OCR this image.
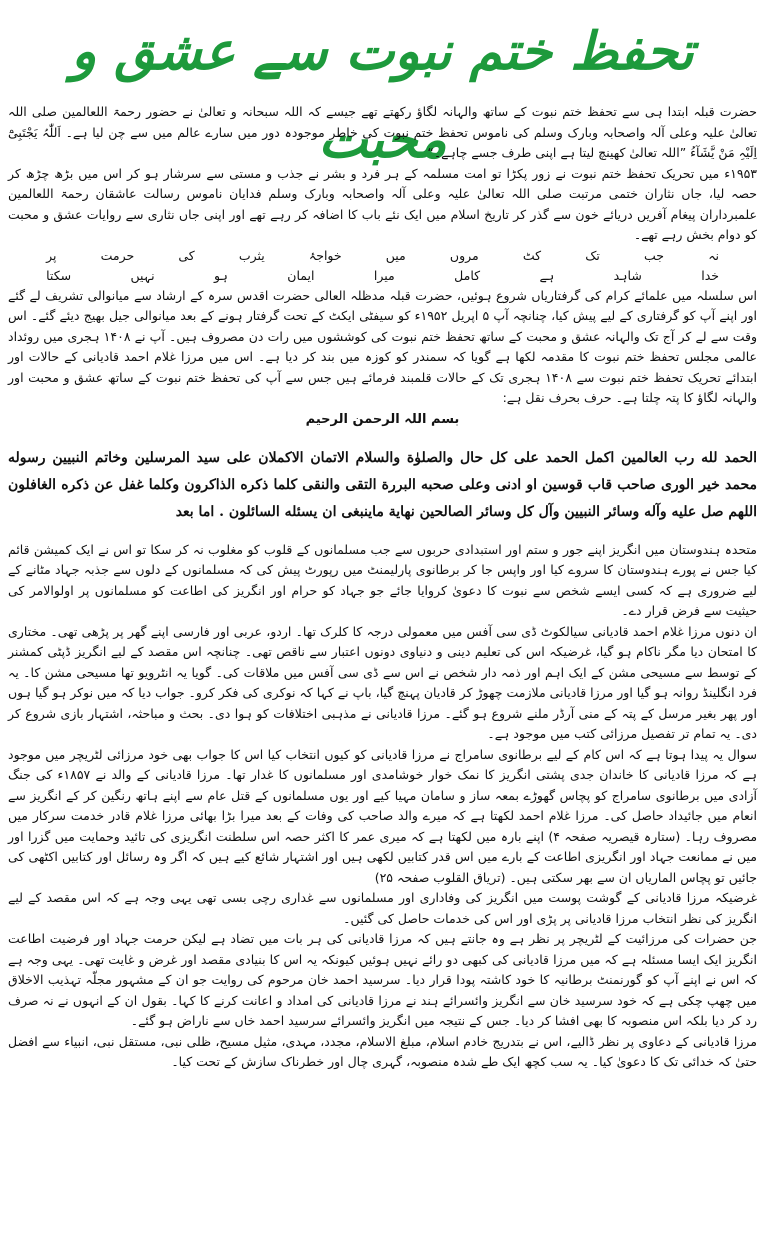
تحفظ ختم نبوت سے عشق و محبت

حضرت قبلہ ابتدا ہی سے تحفظ ختم نبوت کے ساتھ والہانہ لگاؤ رکھتے تھے جیسے کہ اللہ سبحانہ و تعالیٰ نے حضور رحمۃ اللعالمین صلی اللہ تعالیٰ علیہ وعلی آلہ واصحابہ وبارک وسلم کی ناموس تحفظ ختم نبوت کی خاطر موجودہ دور میں سارے عالم میں سے چن لیا ہے۔ اَللّٰہُ یَجْتَبِیْٓ اِلَیْہِ مَنْ یَّشَآءُ ”اللہ تعالیٰ کھینچ لیتا ہے اپنی طرف جسے چاہے۔“

۱۹۵۳ء میں تحریک تحفظ ختم نبوت نے زور پکڑا تو امت مسلمہ کے ہر فرد و بشر نے جذب و مستی سے سرشار ہو کر اس میں بڑھ چڑھ کر حصہ لیا، جاں نثاران ختمی مرتبت صلی اللہ تعالیٰ علیہ وعلی آلہ واصحابہ وبارک وسلم فدایان ناموس رسالت عاشقان رحمۃ اللعالمین علمبرداران پیغام آفریں دریائے خون سے گذر کر تاریخ اسلام میں ایک نئے باب کا اضافہ کر رہے تھے اور اپنی جاں نثاری سے روایات عشق و محبت کو دوام بخش رہے تھے۔

نہ
جب
تک
کٹ
مروں
میں
خواجۂ
یثرب
کی
حرمت
پر
خدا
شاہد
ہے
کامل
میرا
ایمان
ہو
نہیں
سکتا

اس سلسلہ میں علمائے کرام کی گرفتاریاں شروع ہوئیں، حضرت قبلہ مدظلہ العالی حضرت اقدس سرہ کے ارشاد سے میانوالی تشریف لے گئے اور اپنے آپ کو گرفتاری کے لیے پیش کیا، چنانچہ آپ ۵ اپریل ۱۹۵۲ء کو سیفٹی ایکٹ کے تحت گرفتار ہونے کے بعد میانوالی جیل بھیج دیئے گئے۔ اس وقت سے لے کر آج تک والہانہ عشق و محبت کے ساتھ تحفظ ختم نبوت کی کوششوں میں رات دن مصروف ہیں۔ آپ نے ۱۴۰۸ ہجری میں روئداد عالمی مجلس تحفظ ختم نبوت کا مقدمہ لکھا ہے گویا کہ سمندر کو کوزہ میں بند کر دیا ہے۔ اس میں مرزا غلام احمد قادیانی کے حالات اور ابتدائے تحریک تحفظ ختم نبوت سے ۱۴۰۸ ہجری تک کے حالات قلمبند فرمائے ہیں جس سے آپ کی تحفظ ختم نبوت کے ساتھ عشق و محبت اور والہانہ لگاؤ کا پتہ چلتا ہے۔ حرف بحرف نقل ہے:

بسم اللہ الرحمن الرحیم

الحمد لله رب العالمين اكمل الحمد على كل حال والصلوٰة والسلام الاتمان الاكملان على سيد المرسلين وخاتم النبيين رسوله محمد خير الورى صاحب قاب قوسين او ادنى وعلى صحبه البررة التقى والنقى كلما ذكره الذاكرون وكلما غفل عن ذكره الغافلون اللهم صل عليه وآله وسائر النبيين وآل كل وسائر الصالحين نهاية ماينبغى ان يسئله السائلون . اما بعد

متحدہ ہندوستان میں انگریز اپنے جور و ستم اور استبدادی حربوں سے جب مسلمانوں کے قلوب کو مغلوب نہ کر سکا تو اس نے ایک کمیشن قائم کیا جس نے پورے ہندوستان کا سروے کیا اور واپس جا کر برطانوی پارلیمنٹ میں رپورٹ پیش کی کہ مسلمانوں کے دلوں سے جذبہ جہاد مٹانے کے لیے ضروری ہے کہ کسی ایسے شخص سے نبوت کا دعویٰ کروایا جائے جو جہاد کو حرام اور انگریز کی اطاعت کو مسلمانوں پر اولوالامر کی حیثیت سے فرض قرار دے۔

ان دنوں مرزا غلام احمد قادیانی سیالکوٹ ڈی سی آفس میں معمولی درجہ کا کلرک تھا۔ اردو، عربی اور فارسی اپنے گھر پر پڑھی تھی۔ مختاری کا امتحان دیا مگر ناکام ہو گیا، غرضیکہ اس کی تعلیم دینی و دنیاوی دونوں اعتبار سے ناقص تھی۔ چنانچہ اس مقصد کے لیے انگریز ڈپٹی کمشنر کے توسط سے مسیحی مشن کے ایک اہم اور ذمہ دار شخص نے اس سے ڈی سی آفس میں ملاقات کی۔ گویا یہ انٹرویو تھا مسیحی مشن کا۔ یہ فرد انگلینڈ روانہ ہو گیا اور مرزا قادیانی ملازمت چھوڑ کر قادیان پہنچ گیا، باپ نے کہا کہ نوکری کی فکر کرو۔ جواب دیا کہ میں نوکر ہو گیا ہوں اور پھر بغیر مرسل کے پتہ کے منی آرڈر ملنے شروع ہو گئے۔ مرزا قادیانی نے مذہبی اختلافات کو ہوا دی۔ بحث و مباحثہ، اشتہار بازی شروع کر دی۔ یہ تمام تر تفصیل مرزائی کتب میں موجود ہے۔

سوال یہ پیدا ہوتا ہے کہ اس کام کے لیے برطانوی سامراج نے مرزا قادیانی کو کیوں انتخاب کیا اس کا جواب بھی خود مرزائی لٹریچر میں موجود ہے کہ مرزا قادیانی کا خاندان جدی پشتی انگریز کا نمک خوار خوشامدی اور مسلمانوں کا غدار تھا۔ مرزا قادیانی کے والد نے ۱۸۵۷ء کی جنگ آزادی میں برطانوی سامراج کو پچاس گھوڑے بمعہ ساز و سامان مہیا کیے اور یوں مسلمانوں کے قتل عام سے اپنے ہاتھ رنگین کر کے انگریز سے انعام میں جائیداد حاصل کی۔ مرزا غلام احمد لکھتا ہے کہ میرے والد صاحب کی وفات کے بعد میرا بڑا بھائی مرزا غلام قادر خدمت سرکار میں مصروف رہا۔ (ستارہ قیصریہ صفحہ ۴) اپنے بارہ میں لکھتا ہے کہ میری عمر کا اکثر حصہ اس سلطنت انگریزی کی تائید وحمایت میں گزرا اور میں نے ممانعت جہاد اور انگریزی اطاعت کے بارے میں اس قدر کتابیں لکھی ہیں اور اشتہار شائع کیے ہیں کہ اگر وہ رسائل اور کتابیں اکٹھی کی جائیں تو پچاس الماریاں ان سے بھر سکتی ہیں۔ (تریاق القلوب صفحہ ۲۵)

غرضیکہ مرزا قادیانی کے گوشت پوست میں انگریز کی وفاداری اور مسلمانوں سے غداری رچی بسی تھی یہی وجہ ہے کہ اس مقصد کے لیے انگریز کی نظر انتخاب مرزا قادیانی پر پڑی اور اس کی خدمات حاصل کی گئیں۔

جن حضرات کی مرزائیت کے لٹریچر پر نظر ہے وہ جانتے ہیں کہ مرزا قادیانی کی ہر بات میں تضاد ہے لیکن حرمت جہاد اور فرضیت اطاعت انگریز ایک ایسا مسئلہ ہے کہ میں مرزا قادیانی کی کبھی دو رائے نہیں ہوئیں کیونکہ یہ اس کا بنیادی مقصد اور غرض و غایت تھی۔ یہی وجہ ہے کہ اس نے اپنے آپ کو گورنمنٹ برطانیہ کا خود کاشتہ پودا قرار دیا۔ سرسید احمد خان مرحوم کی روایت جو ان کے مشہور مجلّہ تہذیب الاخلاق میں چھپ چکی ہے کہ خود سرسید خان سے انگریز وائسرائے ہند نے مرزا قادیانی کی امداد و اعانت کرنے کا کہا۔ بقول ان کے انہوں نے نہ صرف رد کر دیا بلکہ اس منصوبہ کا بھی افشا کر دیا۔ جس کے نتیجہ میں انگریز وائسرائے سرسید احمد خاں سے ناراض ہو گئے۔

مرزا قادیانی کے دعاوی پر نظر ڈالیے، اس نے بتدریج خادم اسلام، مبلغ الاسلام، مجدد، مہدی، مثیل مسیح، ظلی نبی، مستقل نبی، انبیاء سے افضل حتیٰ کہ خدائی تک کا دعویٰ کیا۔ یہ سب کچھ ایک طے شدہ منصوبہ، گہری چال اور خطرناک سازش کے تحت کیا۔
